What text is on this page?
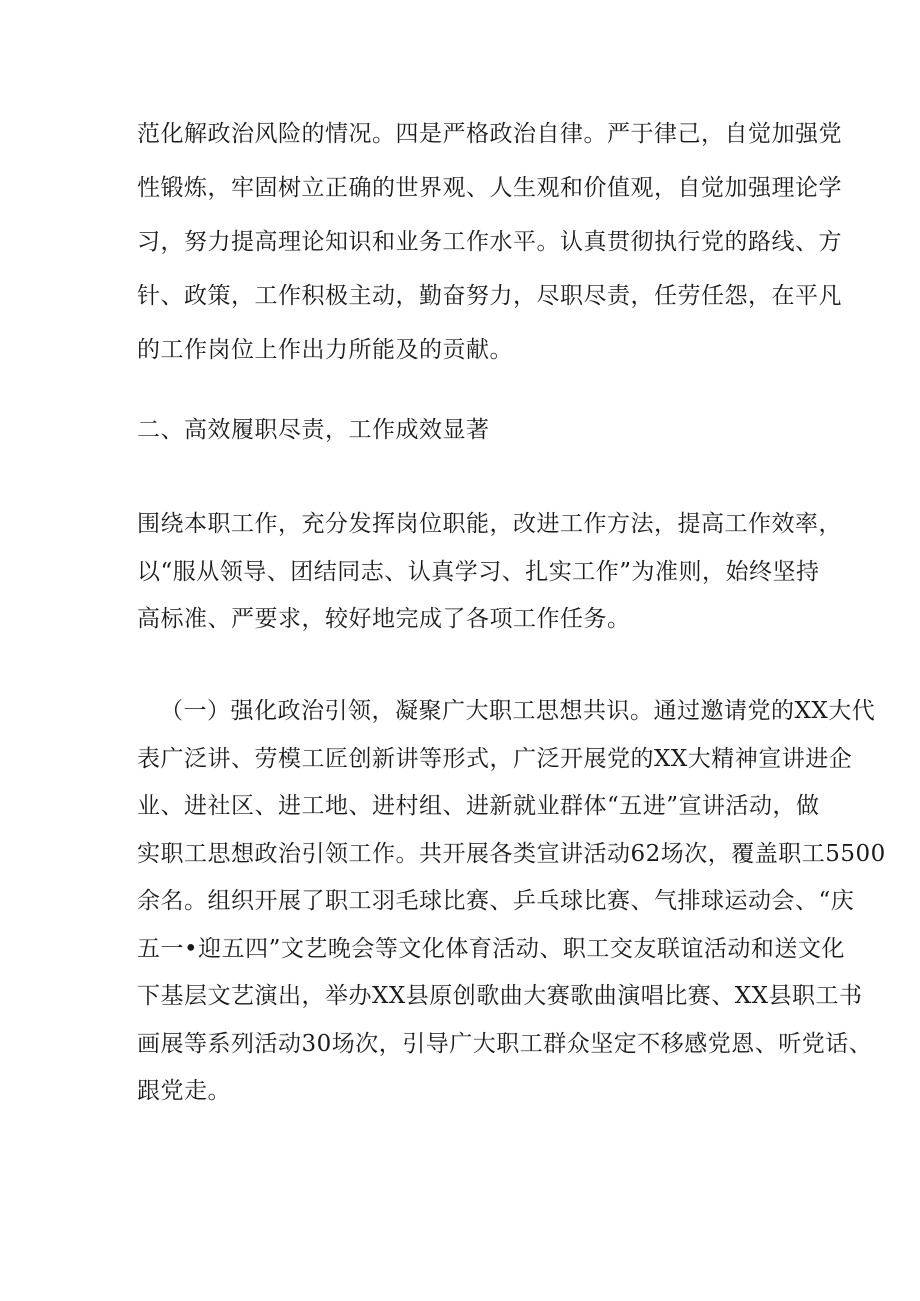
范化解政治风险的情况。四是严格政治自律。严于律己，自觉加强党
性锻炼，牢固树立正确的世界观、人生观和价值观，自觉加强理论学
习，努力提高理论知识和业务工作水平。认真贯彻执行党的路线、方
针、政策，工作积极主动，勤奋努力，尽职尽责，任劳任怨，在平凡
的工作岗位上作出力所能及的贡献。
二、高效履职尽责，工作成效显著
围绕本职工作，充分发挥岗位职能，改进工作方法，提高工作效率，
以“服从领导、团结同志、认真学习、扎实工作”为准则，始终坚持
高标准、严要求，较好地完成了各项工作任务。
（一）强化政治引领，凝聚广大职工思想共识。通过邀请党的XX大代
表广泛讲、劳模工匠创新讲等形式，广泛开展党的XX大精神宣讲进企
业、进社区、进工地、进村组、进新就业群体“五进”宣讲活动，做
实职工思想政治引领工作。共开展各类宣讲活动62场次，覆盖职工5500
余名。组织开展了职工羽毛球比赛、乒乓球比赛、气排球运动会、“庆
五一•迎五四”文艺晚会等文化体育活动、职工交友联谊活动和送文化
下基层文艺演出，举办XX县原创歌曲大赛歌曲演唱比赛、XX县职工书
画展等系列活动30场次，引导广大职工群众坚定不移感党恩、听党话、
跟党走。
